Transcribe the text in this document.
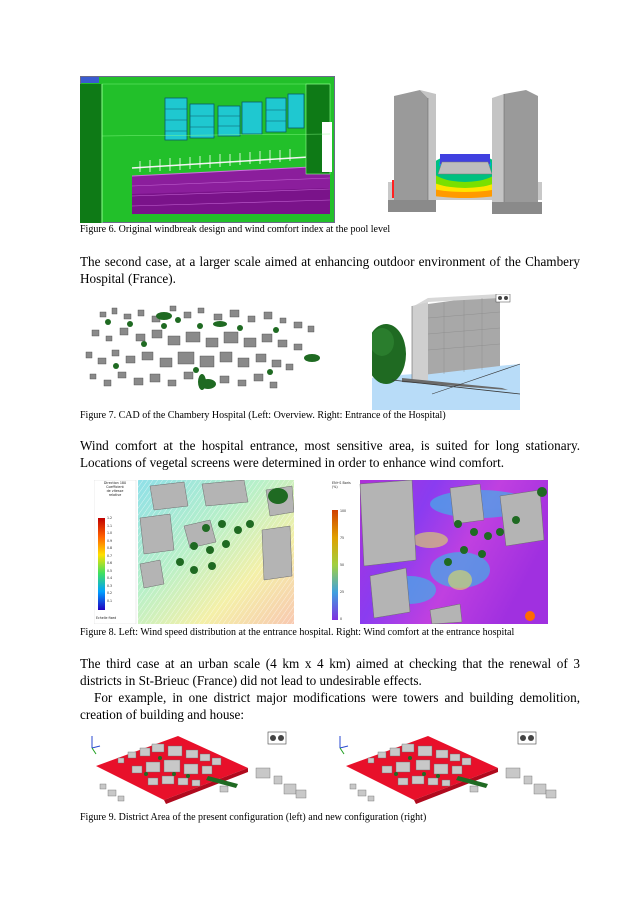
Figure 6. Original windbreak design and wind comfort index at the pool level
The second case, at a larger scale aimed at enhancing outdoor environment of the Chambery Hospital (France).
Figure 7. CAD of the Chambery Hospital (Left: Overview. Right: Entrance of the Hospital)
Wind comfort at the hospital entrance, most sensitive area, is suited for long stationary. Locations of vegetal screens were determined in order to enhance wind comfort.
Direction 180
Coefficient
de vitesse
relative
1.2
1.1
1.0
0.9
0.8
0.7
0.6
0.5
0.4
0.3
0.2
0.1
Echelle fixed
EN+S Boris
(%)
100
75
50
25
0
Figure 8. Left: Wind speed distribution at the entrance hospital. Right: Wind comfort at the entrance hospital
The third case at an urban scale (4 km x 4 km) aimed at checking that the renewal of 3 districts in St-Brieuc (France) did not lead to undesirable effects.
For example, in one district major modifications were towers and building demolition, creation of building and house:
Figure 9. District Area of the present configuration (left) and new configuration (right)
